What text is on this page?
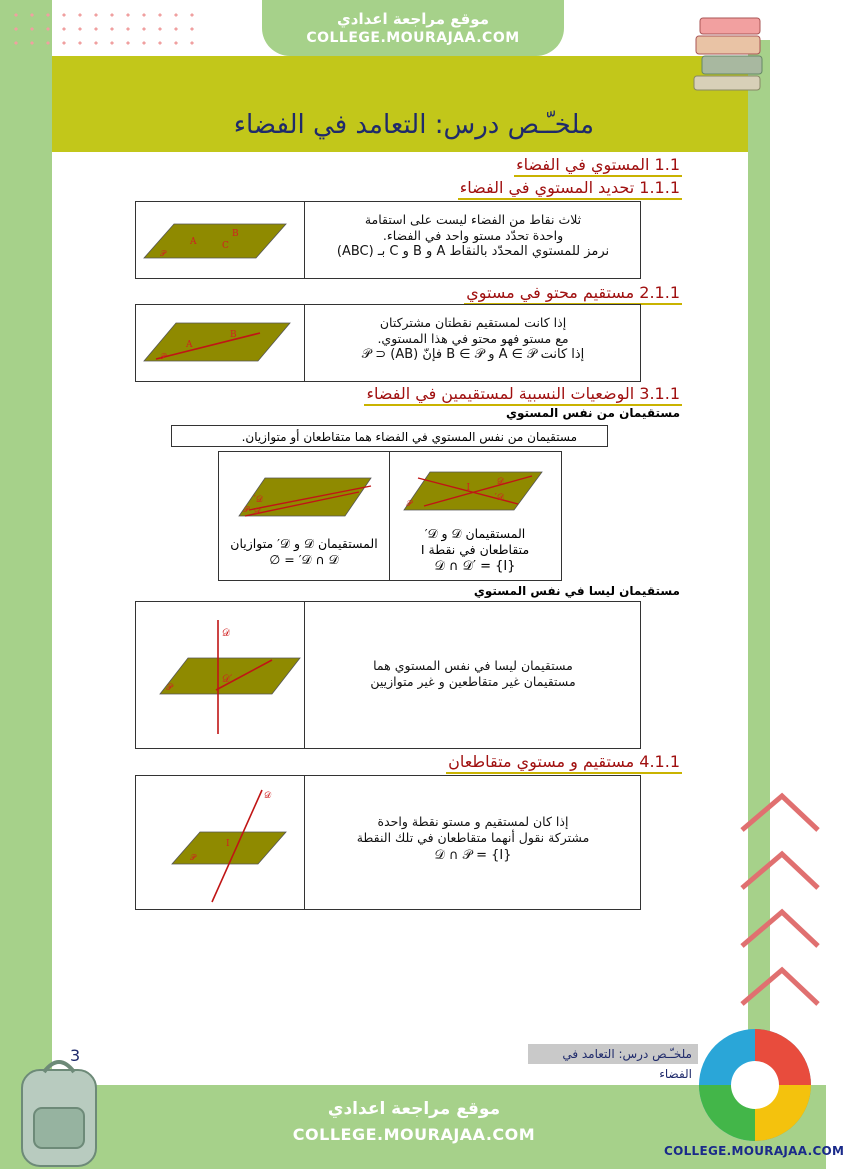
موقع مراجعة اعدادي
COLLEGE.MOURAJAA.COM
ملخـّـص درس: التعامد في الفضاء
1.1 المستوي في الفضاء
1.1.1 تحديد المستوي في الفضاء
A
B
C
𝒫
ثلاث نقاط من الفضاء ليست على استقامة
واحدة تحدّد مستو واحد في الفضاء.
نرمز للمستوي المحدّد بالنقاط A و B و C بـ (ABC)
2.1.1 مستقيم محتو في مستوي
A
B
𝒫
إذا كانت لمستقيم نقطتان مشتركتان
مع مستو فهو محتو في هذا المستوي.
إذا كانت A ∈ 𝒫 و B ∈ 𝒫 فإنّ (AB) ⊂ 𝒫
3.1.1 الوضعيات النسبية لمستقيمين في الفضاء
مستقيمان من نفس المستوي
مستقيمان من نفس المستوي في الفضاء هما متقاطعان أو متوازيان.
𝒟′
𝒟
𝒫
المستقيمان 𝒟 و 𝒟′ متوازيان
𝒟 ∩ 𝒟′ = ∅
I
𝒟
𝒟′
𝒫
المستقيمان 𝒟 و 𝒟′
متقاطعان في نقطة I
𝒟 ∩ 𝒟′ = {I}
مستقيمان ليسا في نفس المستوي
𝒟
𝒟′
𝒫
مستقيمان ليسا في نفس المستوي هما
مستقيمان غير متقاطعين و غير متوازيين
4.1.1 مستقيم و مستوي متقاطعان
𝒟
I
𝒫
إذا كان لمستقيم و مستو نقطة واحدة
مشتركة نقول أنهما متقاطعان في تلك النقطة
𝒟 ∩ 𝒫 = {I}
3	ملخـّـص درس: التعامد في الفضاء
موقع مراجعة اعدادي
COLLEGE.MOURAJAA.COM
COLLEGE.MOURAJAA.COM
